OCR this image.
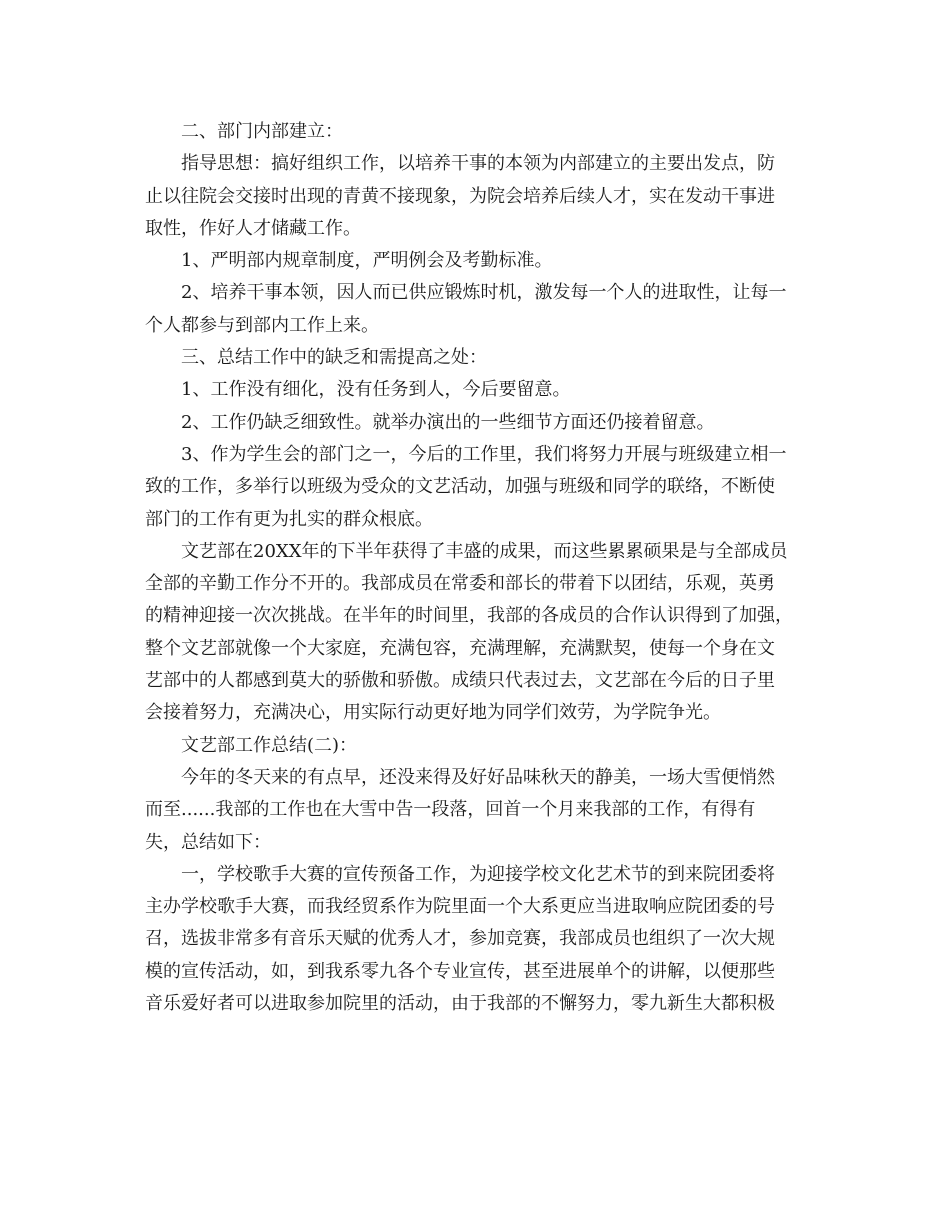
　　二、部门内部建立：

　　指导思想：搞好组织工作，以培养干事的本领为内部建立的主要出发点，防
止以往院会交接时出现的青黄不接现象，为院会培养后续人才，实在发动干事进
取性，作好人才储藏工作。

　　1、严明部内规章制度，严明例会及考勤标准。

　　2、培养干事本领，因人而已供应锻炼时机，激发每一个人的进取性，让每一
个人都参与到部内工作上来。

　　三、总结工作中的缺乏和需提高之处：

　　1、工作没有细化，没有任务到人，今后要留意。

　　2、工作仍缺乏细致性。就举办演出的一些细节方面还仍接着留意。

　　3、作为学生会的部门之一，今后的工作里，我们将努力开展与班级建立相一
致的工作，多举行以班级为受众的文艺活动，加强与班级和同学的联络，不断使
部门的工作有更为扎实的群众根底。

　　文艺部在20XX年的下半年获得了丰盛的成果，而这些累累硕果是与全部成员
全部的辛勤工作分不开的。我部成员在常委和部长的带着下以团结，乐观，英勇
的精神迎接一次次挑战。在半年的时间里，我部的各成员的合作认识得到了加强，
整个文艺部就像一个大家庭，充满包容，充满理解，充满默契，使每一个身在文
艺部中的人都感到莫大的骄傲和骄傲。成绩只代表过去，文艺部在今后的日子里
会接着努力，充满决心，用实际行动更好地为同学们效劳，为学院争光。

　　文艺部工作总结(二)：

　　今年的冬天来的有点早，还没来得及好好品味秋天的静美，一场大雪便悄然
而至......我部的工作也在大雪中告一段落，回首一个月来我部的工作，有得有
失，总结如下：

　　一，学校歌手大赛的宣传预备工作，为迎接学校文化艺术节的到来院团委将
主办学校歌手大赛，而我经贸系作为院里面一个大系更应当进取响应院团委的号
召，选拔非常多有音乐天赋的优秀人才，参加竞赛，我部成员也组织了一次大规
模的宣传活动，如，到我系零九各个专业宣传，甚至进展单个的讲解，以便那些
音乐爱好者可以进取参加院里的活动，由于我部的不懈努力，零九新生大都积极
